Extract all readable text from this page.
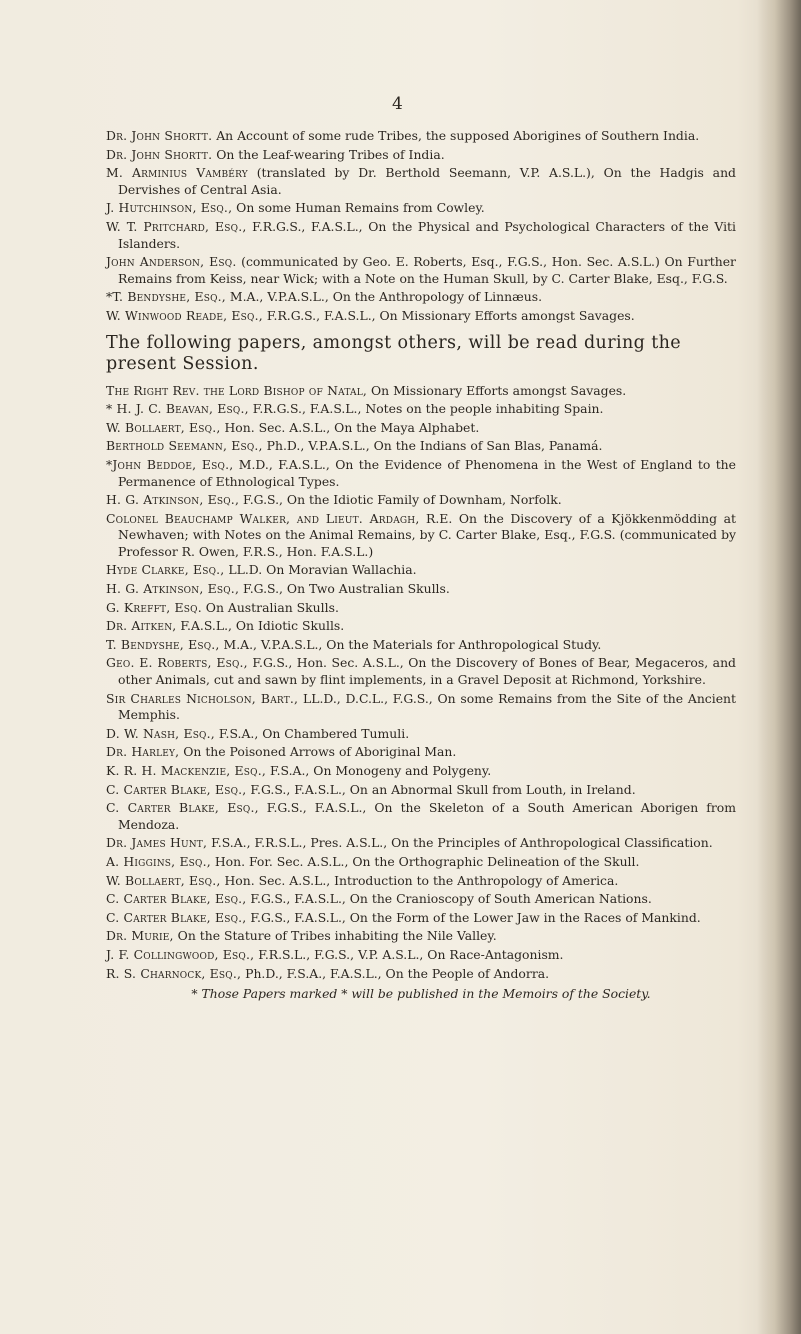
4

Dr. John Shortt. An Account of some rude Tribes, the supposed Aborigines of Southern India.

Dr. John Shortt. On the Leaf-wearing Tribes of India.

M. Arminius Vambéry (translated by Dr. Berthold Seemann, V.P. A.S.L.), On the Hadgis and Dervishes of Central Asia.

J. Hutchinson, Esq., On some Human Remains from Cowley.

W. T. Pritchard, Esq., F.R.G.S., F.A.S.L., On the Physical and Psychological Characters of the Viti Islanders.

John Anderson, Esq. (communicated by Geo. E. Roberts, Esq., F.G.S., Hon. Sec. A.S.L.) On Further Remains from Keiss, near Wick; with a Note on the Human Skull, by C. Carter Blake, Esq., F.G.S.

*T. Bendyshe, Esq., M.A., V.P.A.S.L., On the Anthropology of Linnæus.

W. Winwood Reade, Esq., F.R.G.S., F.A.S.L., On Missionary Efforts amongst Savages.

The following papers, amongst others, will be read during the present Session.

The Right Rev. the Lord Bishop of Natal, On Missionary Efforts amongst Savages.

* H. J. C. Beavan, Esq., F.R.G.S., F.A.S.L., Notes on the people inhabiting Spain.

W. Bollaert, Esq., Hon. Sec. A.S.L., On the Maya Alphabet.

Berthold Seemann, Esq., Ph.D., V.P.A.S.L., On the Indians of San Blas, Panamá.

*John Beddoe, Esq., M.D., F.A.S.L., On the Evidence of Phenomena in the West of England to the Permanence of Ethnological Types.

H. G. Atkinson, Esq., F.G.S., On the Idiotic Family of Downham, Norfolk.

Colonel Beauchamp Walker, and Lieut. Ardagh, R.E. On the Discovery of a Kjökkenmödding at Newhaven; with Notes on the Animal Remains, by C. Carter Blake, Esq., F.G.S. (communicated by Professor R. Owen, F.R.S., Hon. F.A.S.L.)

Hyde Clarke, Esq., LL.D. On Moravian Wallachia.

H. G. Atkinson, Esq., F.G.S., On Two Australian Skulls.

G. Krefft, Esq. On Australian Skulls.

Dr. Aitken, F.A.S.L., On Idiotic Skulls.

T. Bendyshe, Esq., M.A., V.P.A.S.L., On the Materials for Anthropological Study.

Geo. E. Roberts, Esq., F.G.S., Hon. Sec. A.S.L., On the Discovery of Bones of Bear, Megaceros, and other Animals, cut and sawn by flint implements, in a Gravel Deposit at Richmond, Yorkshire.

Sir Charles Nicholson, Bart., LL.D., D.C.L., F.G.S., On some Remains from the Site of the Ancient Memphis.

D. W. Nash, Esq., F.S.A., On Chambered Tumuli.

Dr. Harley, On the Poisoned Arrows of Aboriginal Man.

K. R. H. Mackenzie, Esq., F.S.A., On Monogeny and Polygeny.

C. Carter Blake, Esq., F.G.S., F.A.S.L., On an Abnormal Skull from Louth, in Ireland.

C. Carter Blake, Esq., F.G.S., F.A.S.L., On the Skeleton of a South American Aborigen from Mendoza.

Dr. James Hunt, F.S.A., F.R.S.L., Pres. A.S.L., On the Principles of Anthropological Classification.

A. Higgins, Esq., Hon. For. Sec. A.S.L., On the Orthographic Delineation of the Skull.

W. Bollaert, Esq., Hon. Sec. A.S.L., Introduction to the Anthropology of America.

C. Carter Blake, Esq., F.G.S., F.A.S.L., On the Cranioscopy of South American Nations.

C. Carter Blake, Esq., F.G.S., F.A.S.L., On the Form of the Lower Jaw in the Races of Mankind.

Dr. Murie, On the Stature of Tribes inhabiting the Nile Valley.

J. F. Collingwood, Esq., F.R.S.L., F.G.S., V.P. A.S.L., On Race-Antagonism.

R. S. Charnock, Esq., Ph.D., F.S.A., F.A.S.L., On the People of Andorra.

* Those Papers marked * will be published in the Memoirs of the Society.
